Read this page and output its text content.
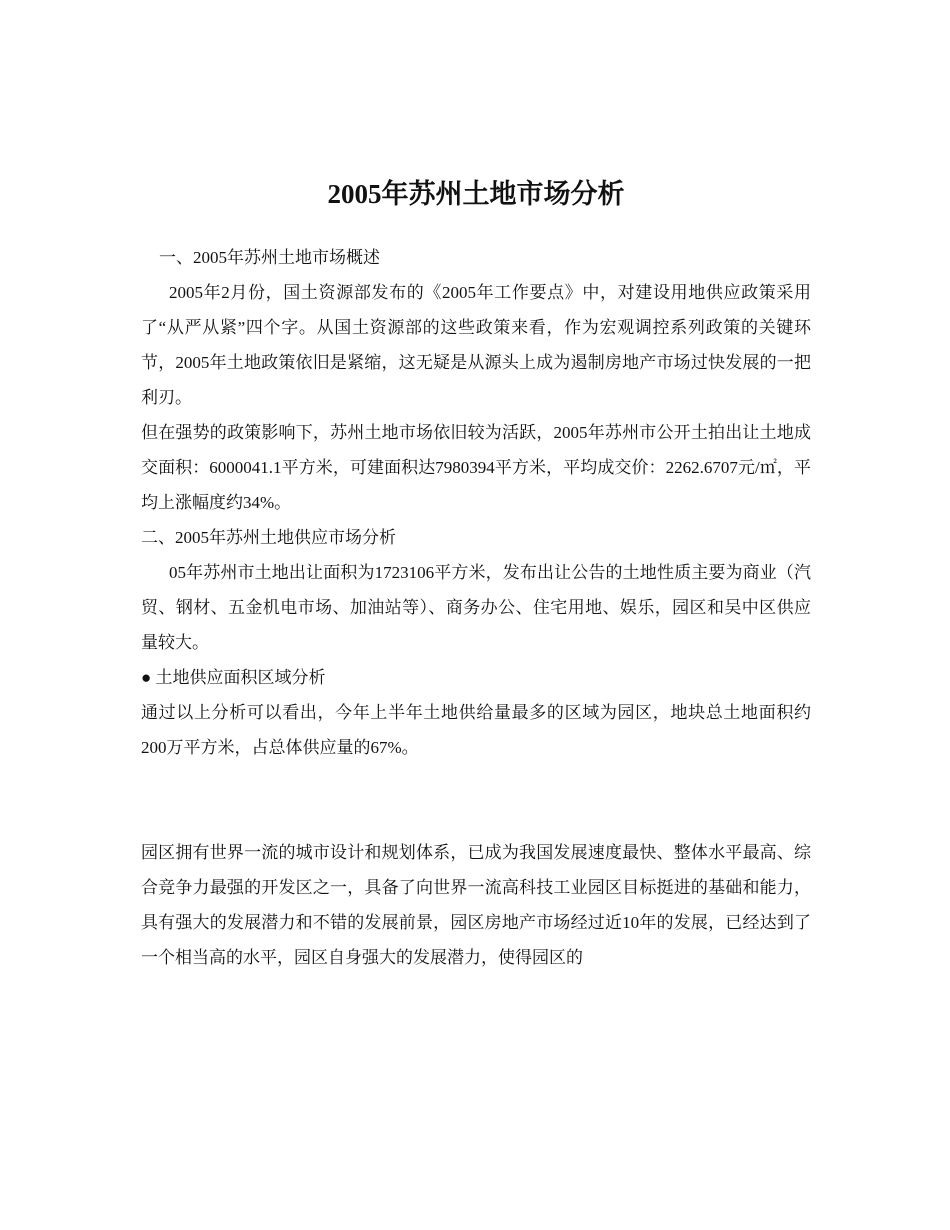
2005年苏州土地市场分析

一、2005年苏州土地市场概述

2005年2月份，国土资源部发布的《2005年工作要点》中，对建设用地供应政策采用了“从严从紧”四个字。从国土资源部的这些政策来看，作为宏观调控系列政策的关键环节，2005年土地政策依旧是紧缩，这无疑是从源头上成为遏制房地产市场过快发展的一把利刃。

但在强势的政策影响下，苏州土地市场依旧较为活跃，2005年苏州市公开土拍出让土地成交面积：6000041.1平方米，可建面积达7980394平方米，平均成交价：2262.6707元/㎡，平均上涨幅度约34%。

二、2005年苏州土地供应市场分析

05年苏州市土地出让面积为1723106平方米，发布出让公告的土地性质主要为商业（汽贸、钢材、五金机电市场、加油站等）、商务办公、住宅用地、娱乐，园区和吴中区供应量较大。

● 土地供应面积区域分析

通过以上分析可以看出，今年上半年土地供给量最多的区域为园区，地块总土地面积约200万平方米，占总体供应量的67%。

园区拥有世界一流的城市设计和规划体系，已成为我国发展速度最快、整体水平最高、综合竞争力最强的开发区之一，具备了向世界一流高科技工业园区目标挺进的基础和能力，具有强大的发展潜力和不错的发展前景，园区房地产市场经过近10年的发展，已经达到了一个相当高的水平，园区自身强大的发展潜力，使得园区的
